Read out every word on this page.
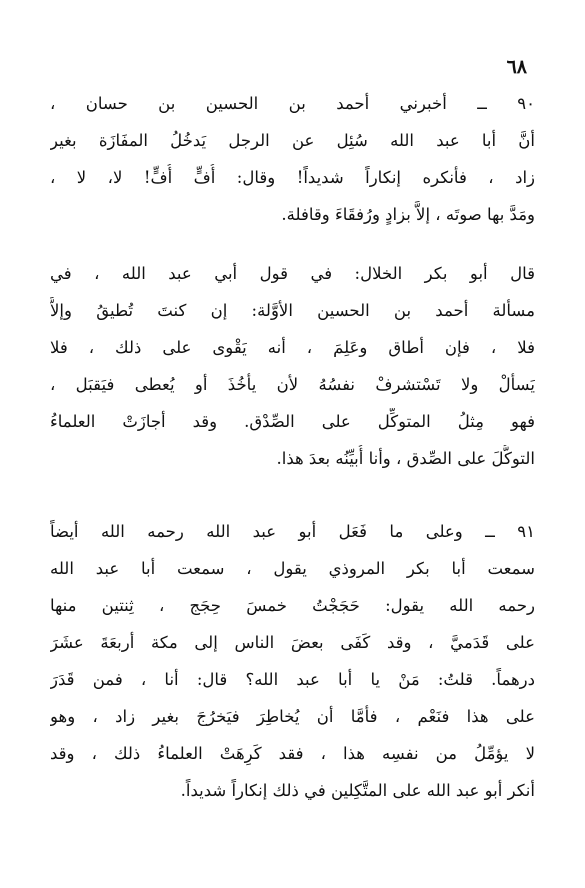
٦٨
٩٠ ــ أخبرني أحمد بن الحسين بن حسان ،
أنَّ أبا عبد الله سُئِل عن الرجل يَدخُلُ المفَازَة بغير
زاد ، فأنكره إنكاراً شديداً! وقال: أُفٍّ أُفٍّ! لا، لا ،
ومَدَّ بها صوتَه ، إلاَّ بزادٍ ورُفقَاءَ وقافلة.
قال أبو بكر الخلال: في قول أبي عبد الله ، في
مسألة أحمد بن الحسين الأوَّلة: إن كنتَ تُطيقُ وإلاَّ
فلا ، فإن أطاق وعَلِمَ ، أنه يَقْوى على ذلك ، فلا
يَسألْ ولا تَسْتشرفْ نفسُهُ لأن يأخُذَ أو يُعطى فيَقبَل ،
فهو مِثلُ المتوكِّل على الصِّدْق. وقد أجازَتْ العلماءُ
التوكُّلَ على الصِّدق ، وأنا أُبيِّنُه بعدَ هذا.
٩١ ــ وعلى ما فَعَل أبو عبد الله رحمه الله أيضاً
سمعت أبا بكر المروذي يقول ، سمعت أبا عبد الله
رحمه الله يقول: حَجَجْتُ خمسَ حِجَج ، ثِنتين منها
على قَدَميَّ ، وقد كَفَى بعضَ الناس إلى مكة أربعَةَ عشَرَ
درهماً. قلتُ: مَنْ يا أبا عبد الله؟ قال: أنا ، فمن قَدَرَ
على هذا فنَعْم ، فأمَّا أن يُخاطِرَ فيَخرُجَ بغير زاد ، وهو
لا يؤمِّلُ من نفسِه هذا ، فقد كَرِهَتْ العلماءُ ذلك ، وقد
أنكر أبو عبد الله على المتَّكِلين في ذلك إنكاراً شديداً.
